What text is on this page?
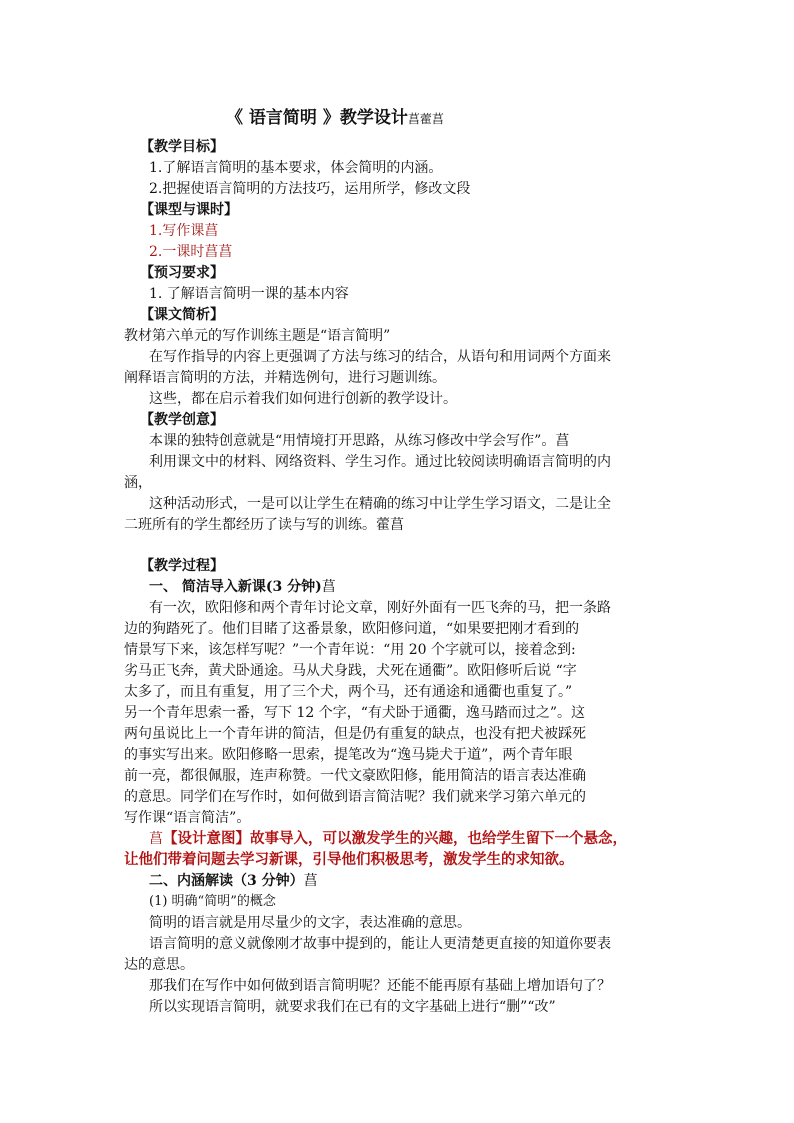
《 语言简明 》教学设计菖藿菖
【教学目标】
1.了解语言简明的基本要求，体会简明的内涵。
2.把握使语言简明的方法技巧，运用所学，修改文段
【课型与课时】
1.写作课菖
2.一课时菖菖
【预习要求】
1. 了解语言简明一课的基本内容
【课文简析】
教材第六单元的写作训练主题是“语言简明”
在写作指导的内容上更强调了方法与练习的结合，从语句和用词两个方面来
阐释语言简明的方法，并精选例句，进行习题训练。
这些，都在启示着我们如何进行创新的教学设计。
【教学创意】
本课的独特创意就是“用情境打开思路，从练习修改中学会写作”。菖
利用课文中的材料、网络资料、学生习作。通过比较阅读明确语言简明的内
涵，
这种活动形式，一是可以让学生在精确的练习中让学生学习语文，二是让全
二班所有的学生都经历了读与写的训练。藿菖
【教学过程】
一、 简洁导入新课(3 分钟)菖
有一次，欧阳修和两个青年讨论文章，刚好外面有一匹飞奔的马，把一条路
边的狗踏死了。他们目睹了这番景象，欧阳修问道，“如果要把刚才看到的
情景写下来，该怎样写呢？”一个青年说：“用 20 个字就可以，接着念到:
劣马正飞奔，黄犬卧通途。马从犬身践，犬死在通衢”。欧阳修听后说 “字
太多了，而且有重复，用了三个犬，两个马，还有通途和通衢也重复了。”
另一个青年思索一番，写下 12 个字，“有犬卧于通衢，逸马踏而过之”。这
两句虽说比上一个青年讲的简洁，但是仍有重复的缺点，也没有把犬被踩死
的事实写出来。欧阳修略一思索，提笔改为“逸马毙犬于道”，两个青年眼
前一亮，都很佩服，连声称赞。一代文豪欧阳修，能用简洁的语言表达准确
的意思。同学们在写作时，如何做到语言简洁呢？我们就来学习第六单元的
写作课“语言简洁”。
菖【设计意图】故事导入，可以激发学生的兴趣，也给学生留下一个悬念，
让他们带着问题去学习新课，引导他们积极思考，激发学生的求知欲。
二、内涵解读（3 分钟）菖
(1) 明确“简明”的概念
简明的语言就是用尽量少的文字，表达准确的意思。
语言简明的意义就像刚才故事中提到的，能让人更清楚更直接的知道你要表
达的意思。
那我们在写作中如何做到语言简明呢？还能不能再原有基础上增加语句了？
所以实现语言简明，就要求我们在已有的文字基础上进行“删”“改”
